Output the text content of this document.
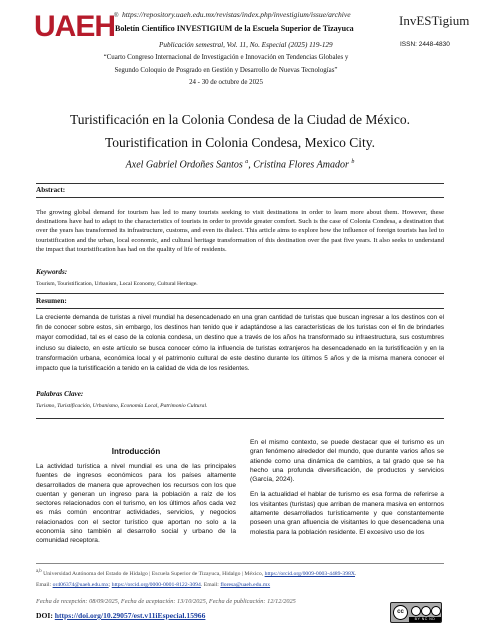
UAEH
® https://repository.uaeh.edu.mx/revistas/index.php/investigium/issue/archive
Boletín Científico INVESTIGIUM de la Escuela Superior de Tizayuca
InvESTigium
ISSN: 2448-4830
Publicación semestral, Vol. 11, No. Especial (2025) 119-129
“Cuarto Congreso Internacional de Investigación e Innovación en Tendencias Globales y
Segundo Coloquio de Posgrado en Gestión y Desarrollo de Nuevas Tecnologías”
24 - 30 de octubre de 2025
Turistificación en la Colonia Condesa de la Ciudad de México.
Touristification in Colonia Condesa, Mexico City.
Axel Gabriel Ordoñes Santos $^a$, Cristina Flores Amador $^b$
Abstract:
The growing global demand for tourism has led to many tourists seeking to visit destinations in order to learn more about them. However, these destinations have had to adapt to the characteristics of tourists in order to provide greater comfort. Such is the case of Colonia Condesa, a destination that over the years has transformed its infrastructure, customs, and even its dialect. This article aims to explore how the influence of foreign tourists has led to touristification and the urban, local economic, and cultural heritage transformation of this destination over the past five years. It also seeks to understand the impact that touristification has had on the quality of life of residents.
Keywords:
Tourism, Touristification, Urbanism, Local Economy, Cultural Heritage.
Resumen:
La creciente demanda de turistas a nivel mundial ha desencadenado en una gran cantidad de turistas que buscan ingresar a los destinos con el fin de conocer sobre estos, sin embargo, los destinos han tenido que ir adaptándose a las características de los turistas con el fin de brindarles mayor comodidad, tal es el caso de la colonia condesa, un destino que a través de los años ha transformado su infraestructura, sus costumbres incluso su dialecto, en este artículo se busca conocer cómo la influencia de turistas extranjeros ha desencadenado en la turistificación y en la transformación urbana, económica local y el patrimonio cultural de este destino durante los últimos 5 años y de la misma manera conocer el impacto que la turistificación a tenido en la calidad de vida de los residentes.
Palabras Clave:
Turismo, Turistificación, Urbanismo, Economía Local, Patrimonio Cultural.
Introducción
La actividad turística a nivel mundial es una de las principales fuentes de ingresos económicos para los países altamente desarrollados de manera que aprovechen los recursos con los que cuentan y generan un ingreso para la población a raíz de los sectores relacionados con el turismo, en los últimos años cada vez es más común encontrar actividades, servicios, y negocios relacionados con el sector turístico que aportan no solo a la economía sino también al desarrollo social y urbano de la comunidad receptora.

En el mismo contexto, se puede destacar que el turismo es un gran fenómeno alrededor del mundo, que durante varios años se atiende como una dinámica de cambios, a tal grado que se ha hecho una profunda diversificación, de productos y servicios (García, 2024).

En la actualidad el hablar de turismo es esa forma de referirse a los visitantes (turistas) que arriban de manera masiva en entornos altamente desarrollados turísticamente y que constantemente poseen una gran afluencia de visitantes lo que desencadena una molestia para la población residente. El excesivo uso de los

$^{a,b}$ Universidad Autónoma del Estado de Hidalgo | Escuela Superior de Tizayuca, Hidalgo | México, https://orcid.org/0009-0003-4489-398X.
Email: or406374@uaeh.edu.mx; https://orcid.org/0000-0001-8122-3094. Email: floresa@uaeh.edu.mx
Fecha de recepción: 08/09/2025, Fecha de aceptación: 13/10/2025, Fecha de publicación: 12/12/2025
DOI: https://doi.org/10.29057/est.v11iEspecial.15966	cc
BY NC ND
